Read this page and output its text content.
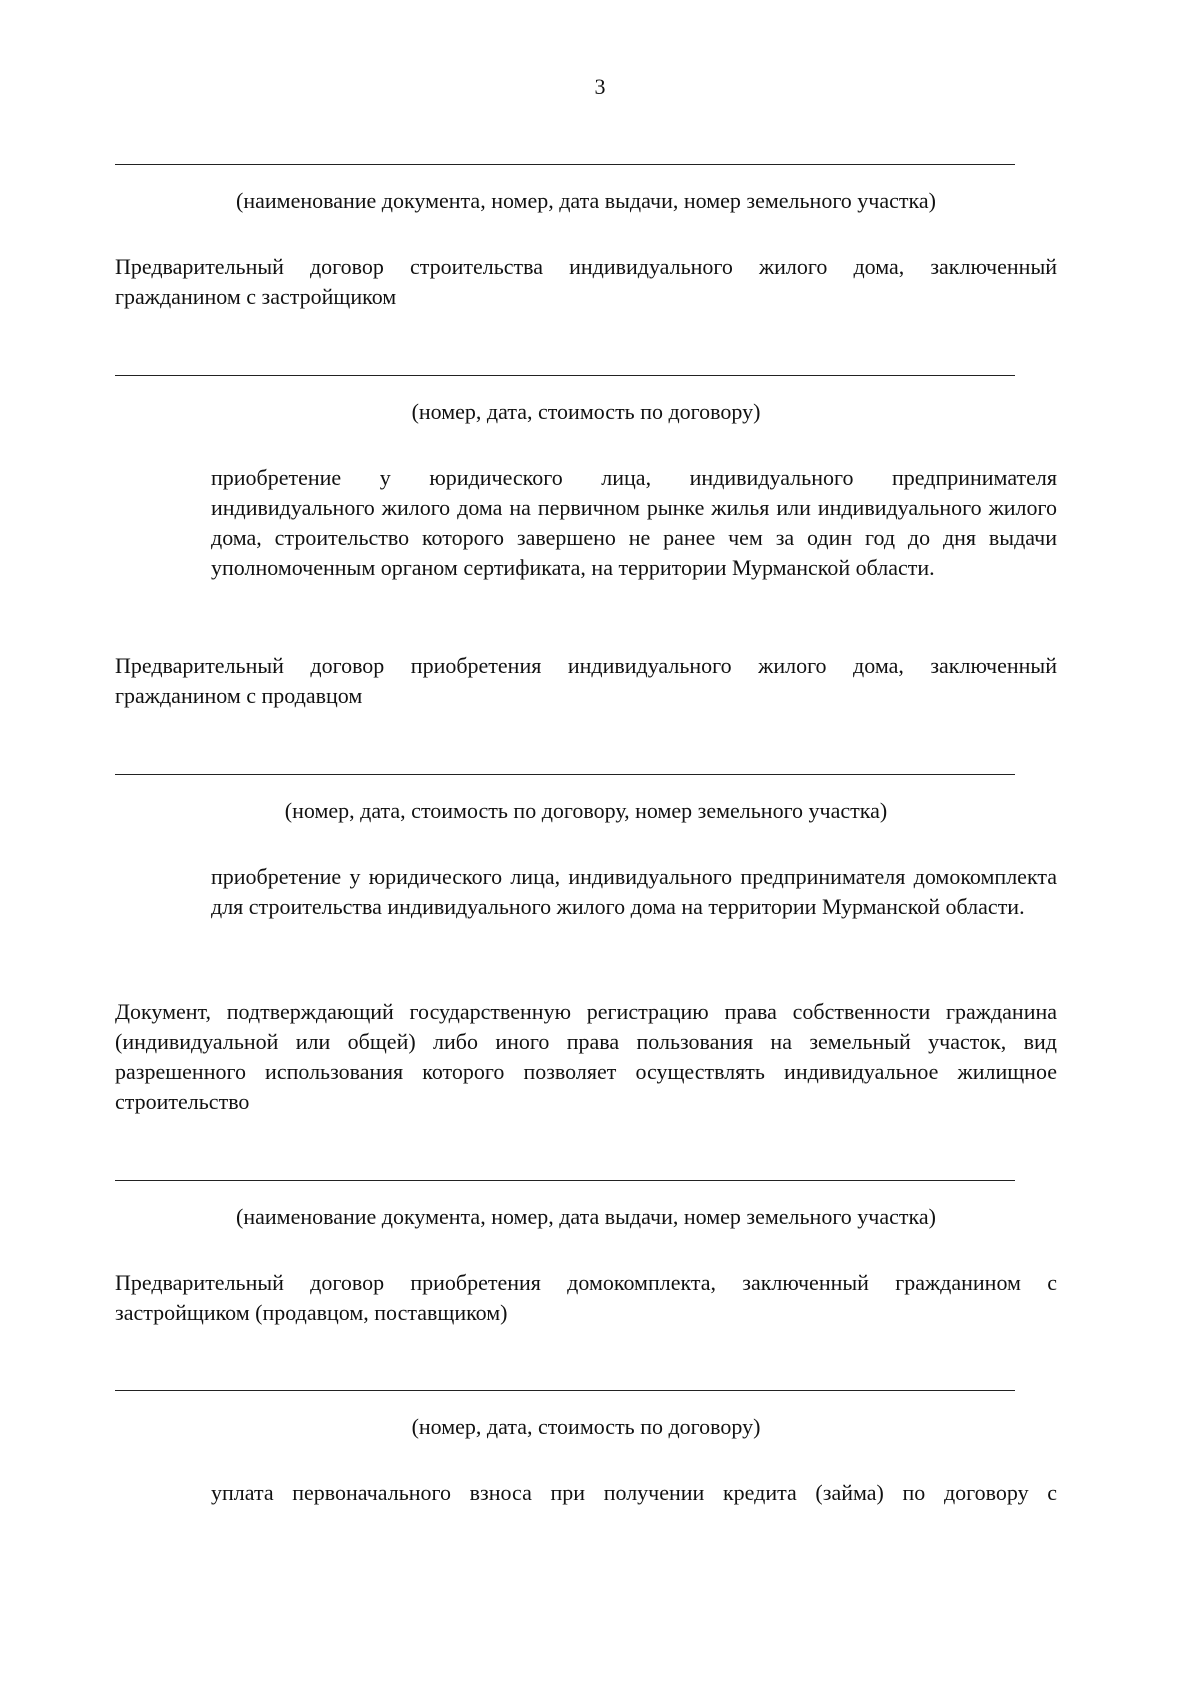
3
(наименование документа, номер, дата выдачи, номер земельного участка)
Предварительный договор строительства индивидуального жилого дома, заключенный гражданином с застройщиком
(номер, дата, стоимость по договору)
приобретение у юридического лица, индивидуального предпринимателя индивидуального жилого дома на первичном рынке жилья или индивидуального жилого дома, строительство которого завершено не ранее чем за один год до дня выдачи уполномоченным органом сертификата, на территории Мурманской области.
Предварительный договор приобретения индивидуального жилого дома, заключенный гражданином с продавцом
(номер, дата, стоимость по договору, номер земельного участка)
приобретение у юридического лица, индивидуального предпринимателя домокомплекта для строительства индивидуального жилого дома на территории Мурманской области.
Документ, подтверждающий государственную регистрацию права собственности гражданина (индивидуальной или общей) либо иного права пользования на земельный участок, вид разрешенного использования которого позволяет осуществлять индивидуальное жилищное строительство
(наименование документа, номер, дата выдачи, номер земельного участка)
Предварительный договор приобретения домокомплекта, заключенный гражданином с застройщиком (продавцом, поставщиком)
(номер, дата, стоимость по договору)
уплата первоначального взноса при получении кредита (займа) по договору с
